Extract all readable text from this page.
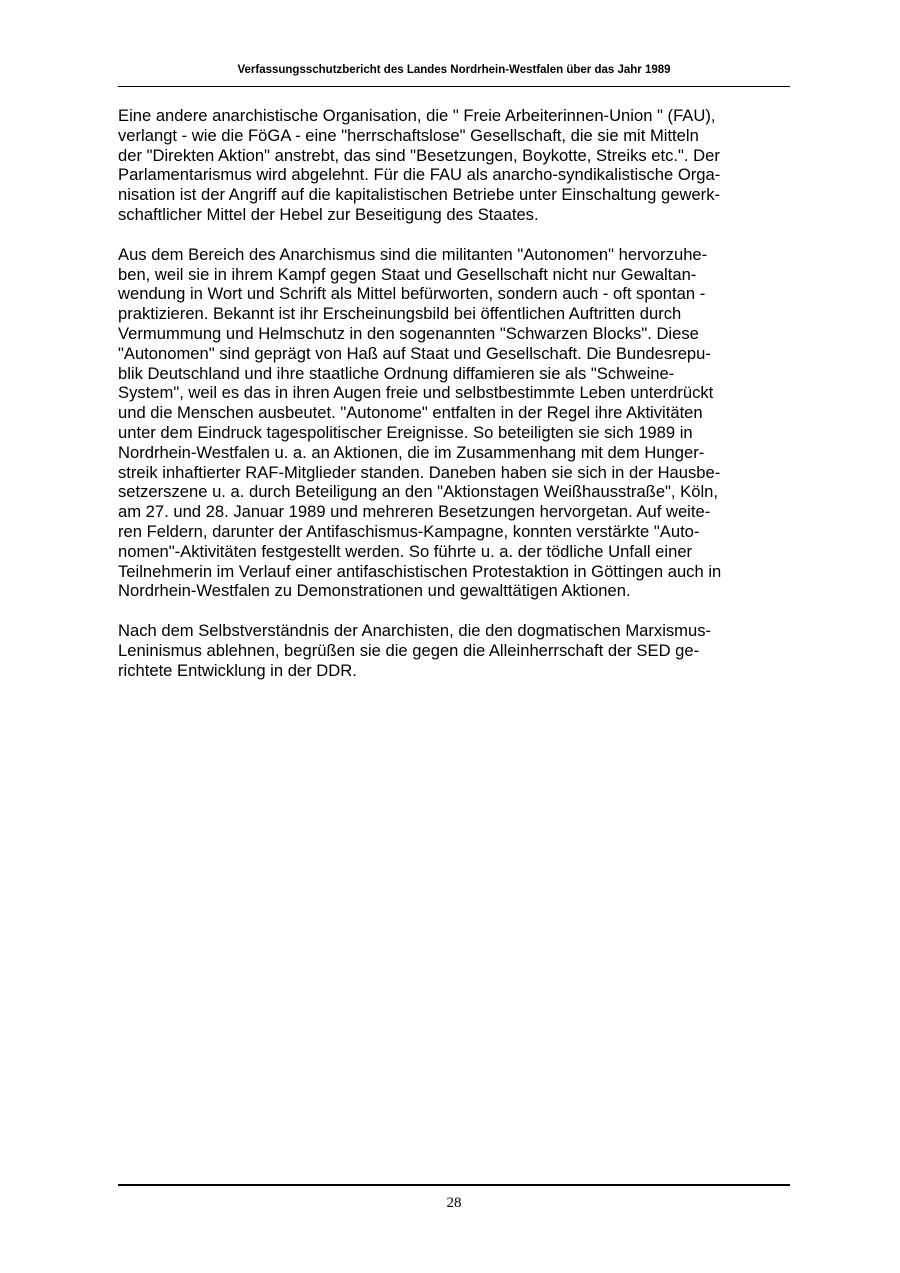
Verfassungsschutzbericht des Landes Nordrhein-Westfalen über das Jahr 1989

Eine andere anarchistische Organisation, die " Freie Arbeiterinnen-Union " (FAU),
verlangt - wie die FöGA - eine "herrschaftslose" Gesellschaft, die sie mit Mitteln
der "Direkten Aktion" anstrebt, das sind "Besetzungen, Boykotte, Streiks etc.". Der
Parlamentarismus wird abgelehnt. Für die FAU als anarcho-syndikalistische Orga-
nisation ist der Angriff auf die kapitalistischen Betriebe unter Einschaltung gewerk-
schaftlicher Mittel der Hebel zur Beseitigung des Staates.

Aus dem Bereich des Anarchismus sind die militanten "Autonomen" hervorzuhe-
ben, weil sie in ihrem Kampf gegen Staat und Gesellschaft nicht nur Gewaltan-
wendung in Wort und Schrift als Mittel befürworten, sondern auch - oft spontan -
praktizieren. Bekannt ist ihr Erscheinungsbild bei öffentlichen Auftritten durch
Vermummung und Helmschutz in den sogenannten "Schwarzen Blocks". Diese
"Autonomen" sind geprägt von Haß auf Staat und Gesellschaft. Die Bundesrepu-
blik Deutschland und ihre staatliche Ordnung diffamieren sie als "Schweine-
System", weil es das in ihren Augen freie und selbstbestimmte Leben unterdrückt
und die Menschen ausbeutet. "Autonome" entfalten in der Regel ihre Aktivitäten
unter dem Eindruck tagespolitischer Ereignisse. So beteiligten sie sich 1989 in
Nordrhein-Westfalen u. a. an Aktionen, die im Zusammenhang mit dem Hunger-
streik inhaftierter RAF-Mitglieder standen. Daneben haben sie sich in der Hausbe-
setzerszene u. a. durch Beteiligung an den "Aktionstagen Weißhausstraße", Köln,
am 27. und 28. Januar 1989 und mehreren Besetzungen hervorgetan. Auf weite-
ren Feldern, darunter der Antifaschismus-Kampagne, konnten verstärkte "Auto-
nomen"-Aktivitäten festgestellt werden. So führte u. a. der tödliche Unfall einer
Teilnehmerin im Verlauf einer antifaschistischen Protestaktion in Göttingen auch in
Nordrhein-Westfalen zu Demonstrationen und gewalttätigen Aktionen.

Nach dem Selbstverständnis der Anarchisten, die den dogmatischen Marxismus-
Leninismus ablehnen, begrüßen sie die gegen die Alleinherrschaft der SED ge-
richtete Entwicklung in der DDR.

28
